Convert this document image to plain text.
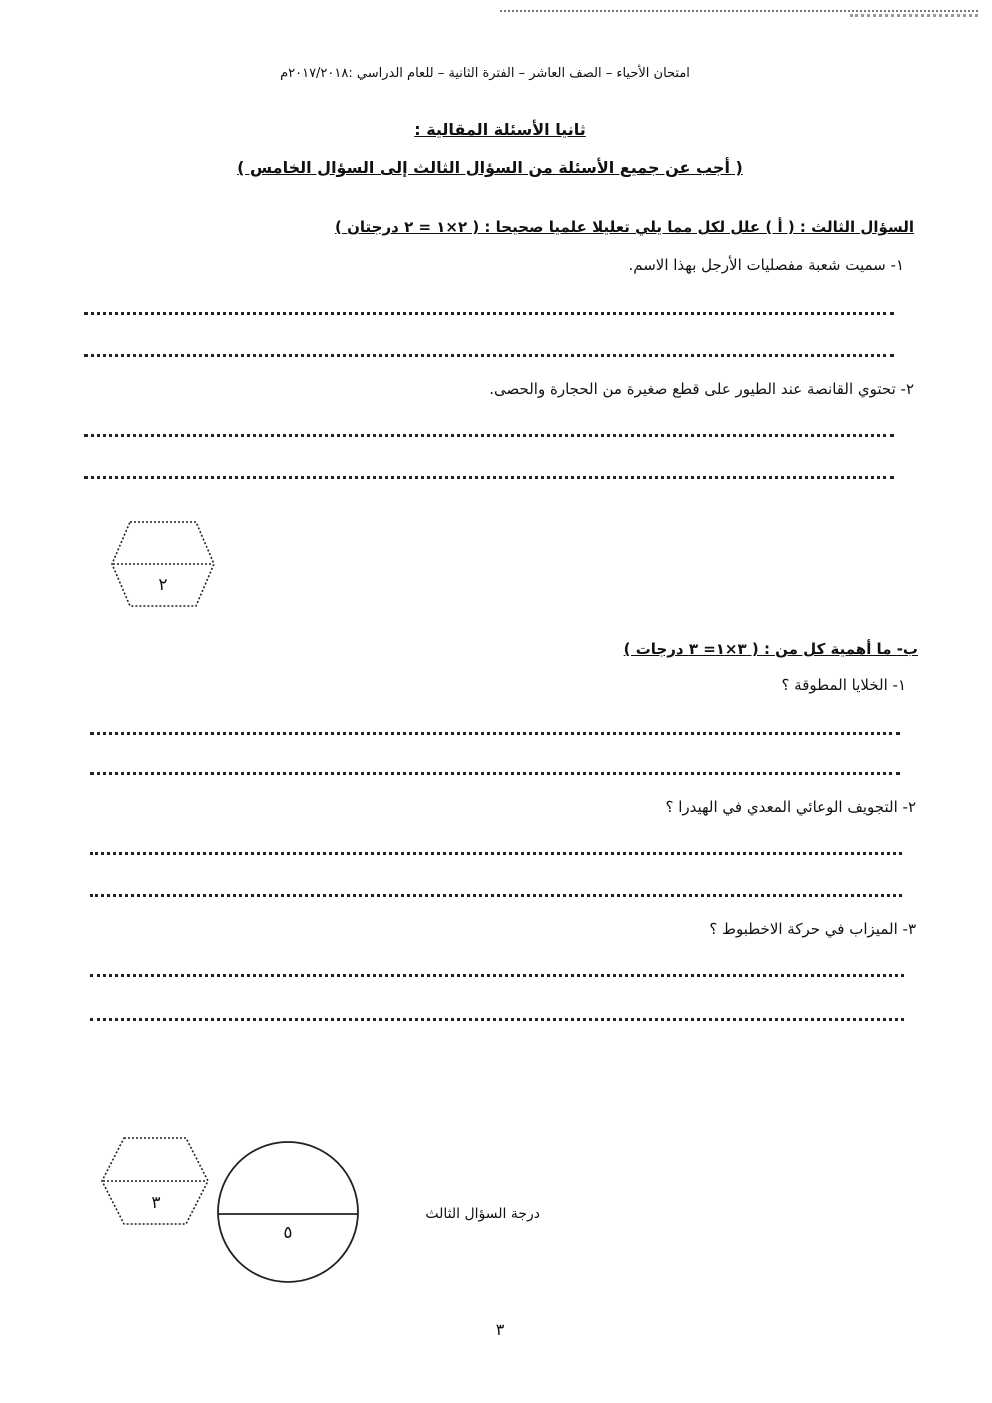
امتحان الأحياء – الصف العاشر – الفترة الثانية – للعام الدراسي :٢٠١٧/٢٠١٨م
ثانيا الأسئلة المقالية :
( أجب عن جميع الأسئلة من السؤال الثالث إلى السؤال الخامس )
السؤال الثالث : ( أ ) علل لكل مما يلي تعليلا علميا صحيحا : ( ٢×١ = ٢ درجتان )
١- سميت شعبة مفصليات الأرجل بهذا الاسم.
٢- تحتوي القانصة عند الطيور على قطع صغيرة من الحجارة والحصى.
٢
ب- ما أهمية كل من : ( ٣×١= ٣ درجات )
١- الخلايا المطوقة ؟
٢- التجويف الوعائي المعدي في الهيدرا ؟
٣- الميزاب في حركة الاخطبوط ؟
٣
٥
درجة السؤال الثالث
٣
